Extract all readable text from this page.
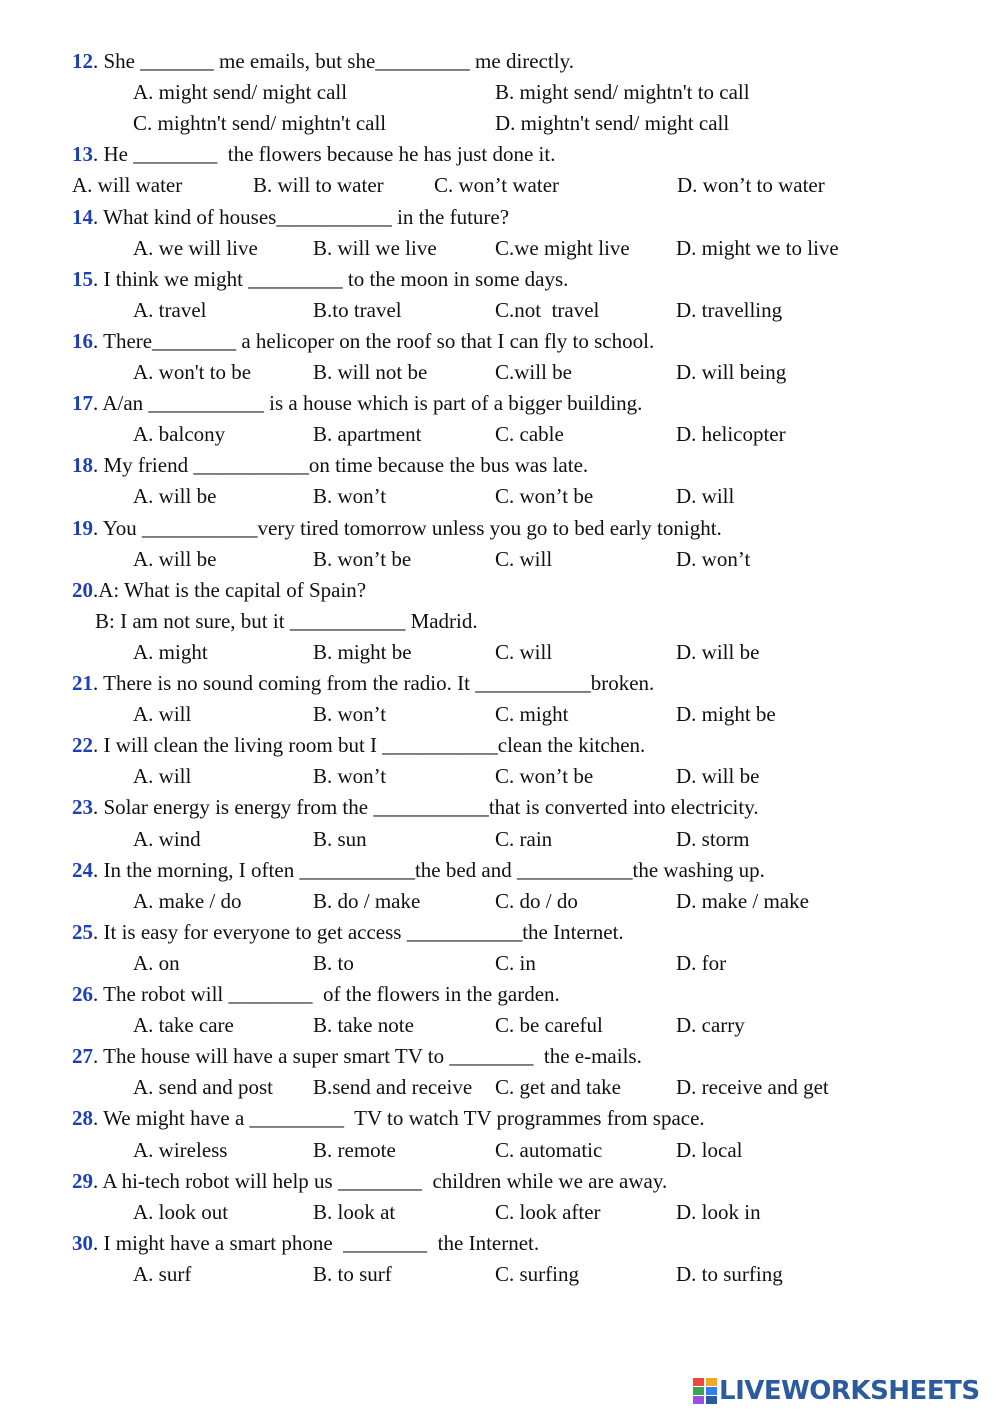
12. She _______ me emails, but she_________ me directly.
A. might send/ might call	B. might send/ mightn't to call
C. mightn't send/ mightn't call	D. mightn't send/ might call
13. He ________  the flowers because he has just done it.
A. will water	B. will to water C. won’t water	D. won’t to water
14. What kind of houses___________ in the future?
A. we will live	B. will we live	C.we might live D. might we to live
15. I think we might _________ to the moon in some days.
A. travel	B.to travel	C.not  travel	D. travelling
16. There________ a helicoper on the roof so that I can fly to school.
A. won't to be	B. will not be	C.will be	D. will being
17. A/an ___________ is a house which is part of a bigger building.
A. balcony	B. apartment	C. cable	D. helicopter
18. My friend ___________on time because the bus was late.
A. will be	B. won’t	C. won’t be	D. will
19. You ___________very tired tomorrow unless you go to bed early tonight.
A. will be	B. won’t be	C. will	D. won’t
20.A: What is the capital of Spain?
B: I am not sure, but it ___________ Madrid.
A. might	B. might be	C. will	D. will be
21. There is no sound coming from the radio. It ___________broken.
A. will	B. won’t	C. might	D. might be
22. I will clean the living room but I ___________clean the kitchen.
A. will	B. won’t	C. won’t be	D. will be
23. Solar energy is energy from the ___________that is converted into electricity.
A. wind	B. sun	C. rain	D. storm
24. In the morning, I often ___________the bed and ___________the washing up.
A. make / do	B. do / make	C. do / do	D. make / make
25. It is easy for everyone to get access ___________the Internet.
A. on	B. to	C. in	D. for
26. The robot will ________  of the flowers in the garden.
A. take care	B. take note	C. be careful	D. carry
27. The house will have a super smart TV to ________  the e-mails.
A. send and post B.send and receive C. get and take	D. receive and get
28. We might have a _________  TV to watch TV programmes from space.
A. wireless	B. remote	C. automatic	D. local
29. A hi-tech robot will help us ________  children while we are away.
A. look out	B. look at	C. look after	D. look in
30. I might have a smart phone  ________  the Internet.
A. surf	B. to surf	C. surfing	D. to surfing
LIVEWORKSHEETS
